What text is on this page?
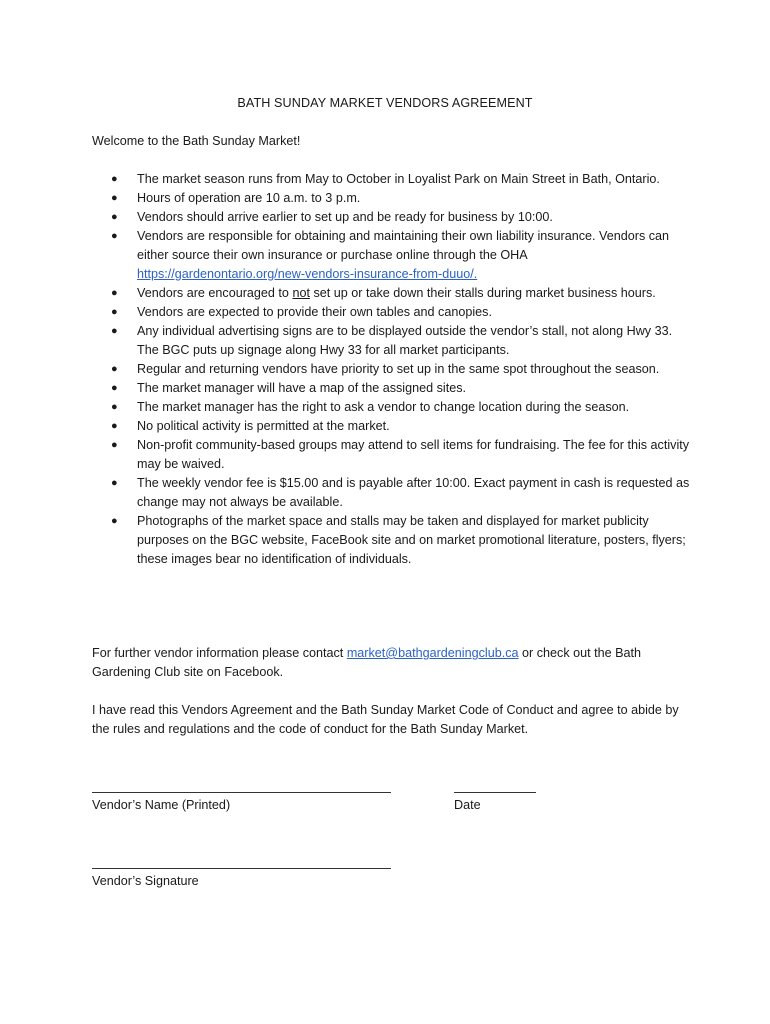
BATH SUNDAY MARKET VENDORS AGREEMENT
Welcome to the Bath Sunday Market!
● The market season runs from May to October in Loyalist Park on Main Street in Bath, Ontario.
● Hours of operation are 10 a.m. to 3 p.m.
● Vendors should arrive earlier to set up and be ready for business by 10:00.
● Vendors are responsible for obtaining and maintaining their own liability insurance. Vendors can either source their own insurance or purchase online through the OHA https://gardenontario.org/new-vendors-insurance-from-duuo/.
● Vendors are encouraged to not set up or take down their stalls during market business hours.
● Vendors are expected to provide their own tables and canopies.
● Any individual advertising signs are to be displayed outside the vendor’s stall, not along Hwy 33. The BGC puts up signage along Hwy 33 for all market participants.
● Regular and returning vendors have priority to set up in the same spot throughout the season.
● The market manager will have a map of the assigned sites.
● The market manager has the right to ask a vendor to change location during the season.
● No political activity is permitted at the market.
● Non-profit community-based groups may attend to sell items for fundraising. The fee for this activity may be waived.
● The weekly vendor fee is $15.00 and is payable after 10:00. Exact payment in cash is requested as change may not always be available.
● Photographs of the market space and stalls may be taken and displayed for market publicity purposes on the BGC website, FaceBook site and on market promotional literature, posters, flyers; these images bear no identification of individuals.
For further vendor information please contact market@bathgardeningclub.ca or check out the Bath Gardening Club site on Facebook.
I have read this Vendors Agreement and the Bath Sunday Market Code of Conduct and agree to abide by the rules and regulations and the code of conduct for the Bath Sunday Market.
Vendor’s Name (Printed)	Date
Vendor’s Signature
